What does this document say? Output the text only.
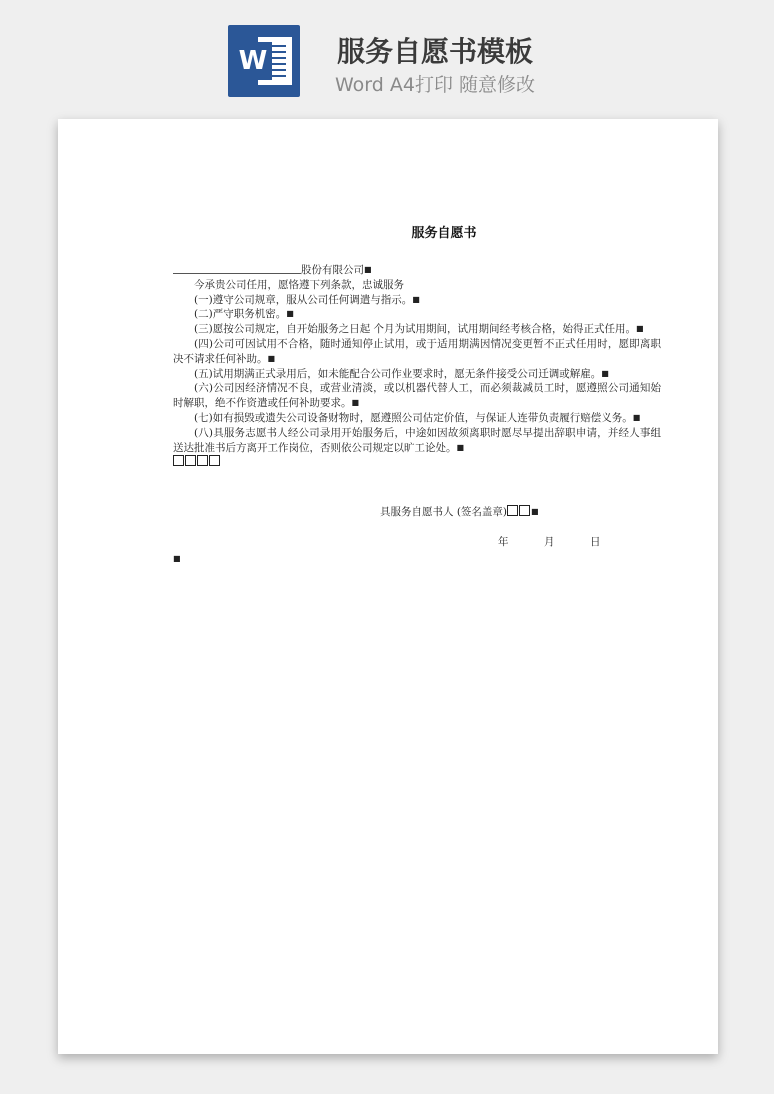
W	服务自愿书模板
Word A4打印 随意修改
服务自愿书

股份有限公司■

今承贵公司任用，愿恪遵下列条款，忠诚服务

(一)遵守公司规章，服从公司任何调遣与指示。■

(二)严守职务机密。■

(三)愿按公司规定，自开始服务之日起 个月为试用期间，试用期间经考核合格，始得正式任用。■

(四)公司可因试用不合格，随时通知停止试用，或于适用期满因情况变更暂不正式任用时，愿即离职决不请求任何补助。■

(五)试用期满正式录用后，如未能配合公司作业要求时，愿无条件接受公司迁调或解雇。■

(六)公司因经济情况不良，或营业清淡，或以机器代替人工，而必须裁减员工时，愿遵照公司通知始时解职，绝不作资遣或任何补助要求。■

(七)如有损毁或遗失公司设备财物时，愿遵照公司估定价值，与保证人连带负责履行赔偿义务。■

(八)具服务志愿书人经公司录用开始服务后，中途如因故须离职时愿尽早提出辞职申请，并经人事组送达批准书后方离开工作岗位，否则依公司规定以旷工论处。■

具服务自愿书人 (签名盖章)	■
年	月	日
■
